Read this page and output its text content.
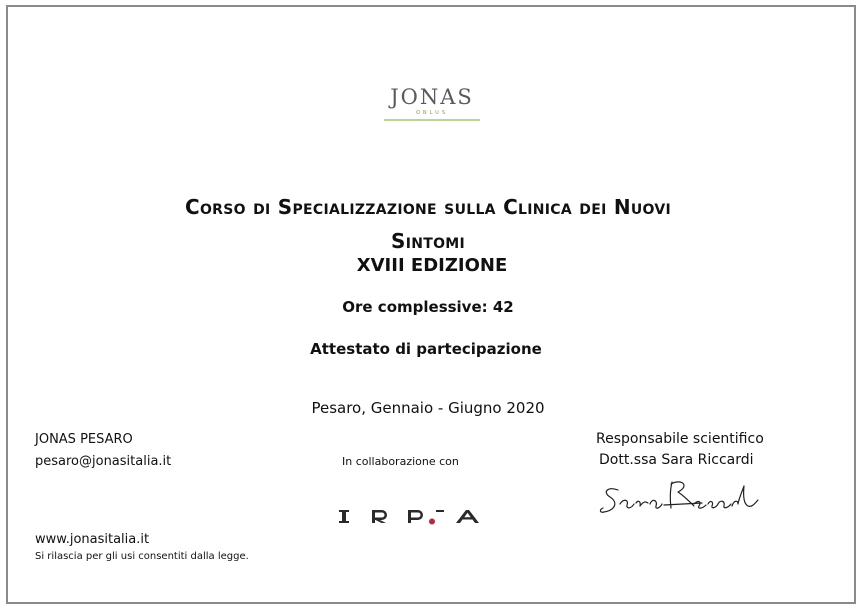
JONAS
ONLUS
Corso di Specializzazione sulla Clinica dei Nuovi
Sintomi
XVIII EDIZIONE
Ore complessive: 42
Attestato di partecipazione
Pesaro, Gennaio - Giugno 2020
JONAS PESARO
pesaro@jonasitalia.it	In collaborazione con
Responsabile scientifico
Dott.ssa Sara Riccardi
www.jonasitalia.it
Si rilascia per gli usi consentiti dalla legge.
